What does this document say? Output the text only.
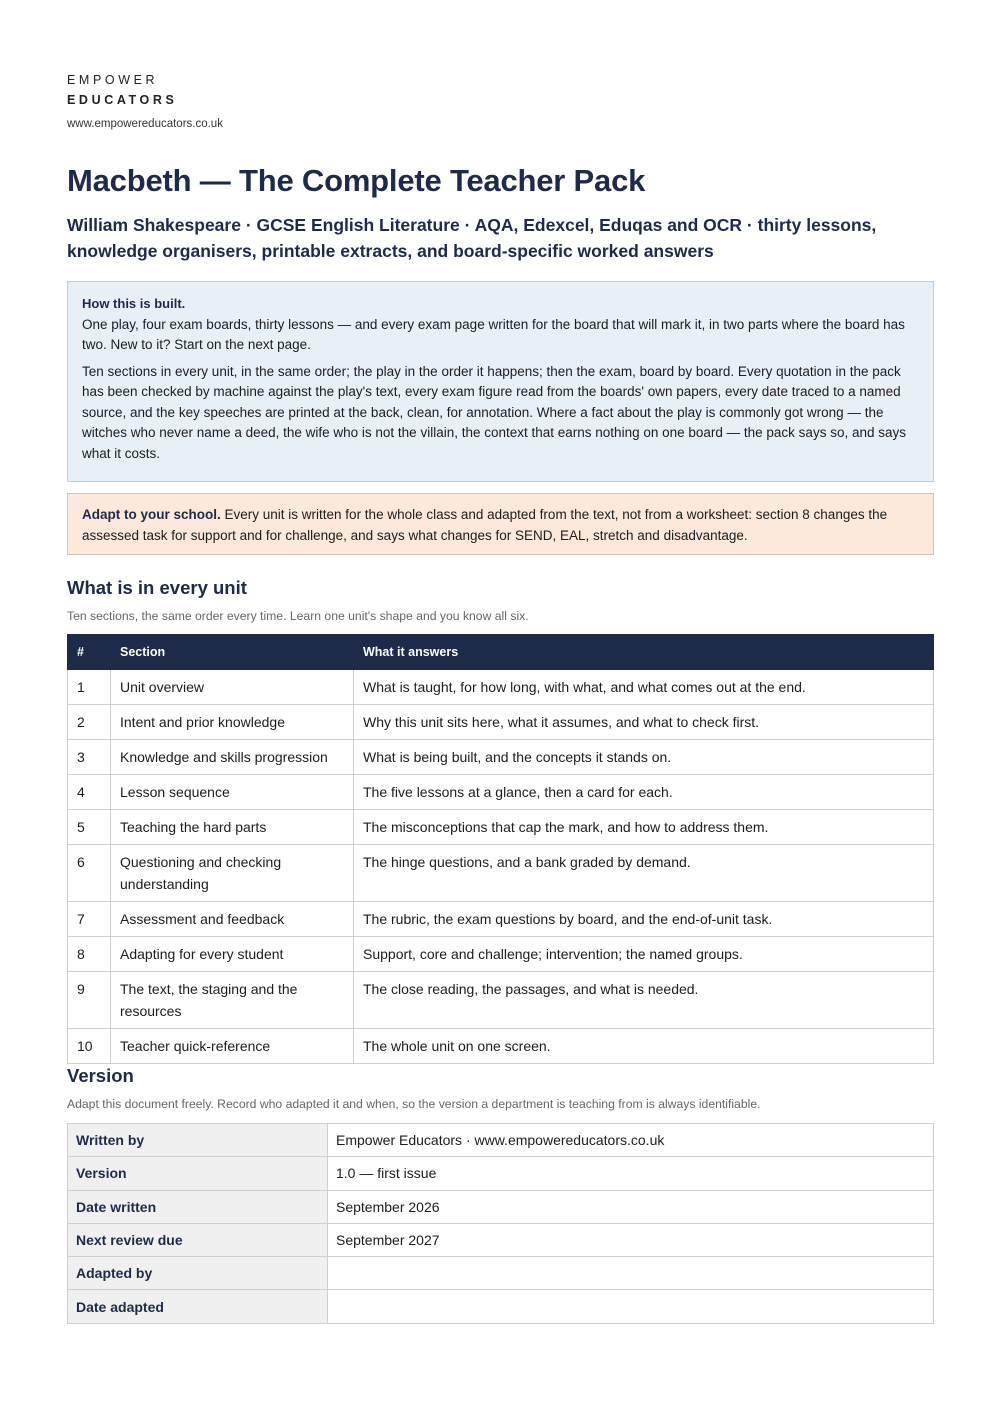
EMPOWER
EDUCATORS
www.empowereducators.co.uk
Macbeth — The Complete Teacher Pack
William Shakespeare · GCSE English Literature · AQA, Edexcel, Eduqas and OCR · thirty lessons, knowledge organisers, printable extracts, and board-specific worked answers
How this is built.

One play, four exam boards, thirty lessons — and every exam page written for the board that will mark it, in two parts where the board has two. New to it? Start on the next page.

Ten sections in every unit, in the same order; the play in the order it happens; then the exam, board by board. Every quotation in the pack has been checked by machine against the play's text, every exam figure read from the boards' own papers, every date traced to a named source, and the key speeches are printed at the back, clean, for annotation. Where a fact about the play is commonly got wrong — the witches who never name a deed, the wife who is not the villain, the context that earns nothing on one board — the pack says so, and says what it costs.

Adapt to your school. Every unit is written for the whole class and adapted from the text, not from a worksheet: section 8 changes the assessed task for support and for challenge, and says what changes for SEND, EAL, stretch and disadvantage.
What is in every unit
Ten sections, the same order every time. Learn one unit's shape and you know all six.
#	Section	What it answers
1	Unit overview	What is taught, for how long, with what, and what comes out at the end.
2	Intent and prior knowledge	Why this unit sits here, what it assumes, and what to check first.
3	Knowledge and skills progression	What is being built, and the concepts it stands on.
4	Lesson sequence	The five lessons at a glance, then a card for each.
5	Teaching the hard parts	The misconceptions that cap the mark, and how to address them.
6	Questioning and checking understanding	The hinge questions, and a bank graded by demand.
7	Assessment and feedback	The rubric, the exam questions by board, and the end-of-unit task.
8	Adapting for every student	Support, core and challenge; intervention; the named groups.
9	The text, the staging and the resources	The close reading, the passages, and what is needed.
10	Teacher quick-reference	The whole unit on one screen.
Version
Adapt this document freely. Record who adapted it and when, so the version a department is teaching from is always identifiable.
Written by	Empower Educators · www.empowereducators.co.uk
Version	1.0 — first issue
Date written	September 2026
Next review due	September 2027
Adapted by	
Date adapted	
